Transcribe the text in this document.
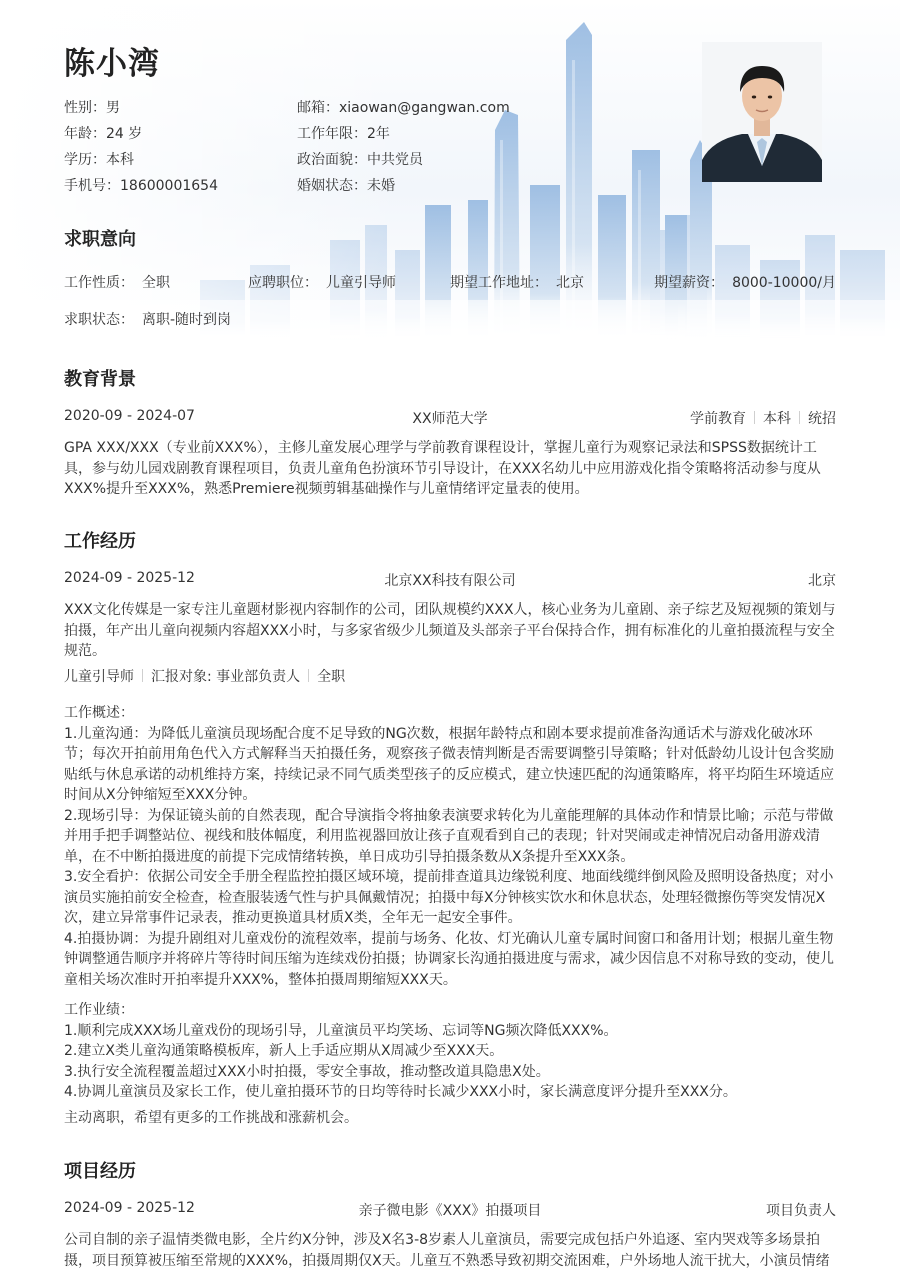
陈小湾
性别：男	邮箱：xiaowan@gangwan.com
年龄：24 岁	工作年限：2年
学历：本科	政治面貌：中共党员
手机号：18600001654	婚姻状态：未婚
求职意向
工作性质： 全职	应聘职位： 儿童引导师	期望工作地址： 北京	期望薪资： 8000-10000/月
求职状态： 离职-随时到岗
教育背景
2020-09 - 2024-07	XX师范大学	学前教育 本科 统招
GPA XXX/XXX（专业前XXX%），主修儿童发展心理学与学前教育课程设计，掌握儿童行为观察记录法和SPSS数据统计工具，参与幼儿园戏剧教育课程项目，负责儿童角色扮演环节引导设计，在XXX名幼儿中应用游戏化指令策略将活动参与度从XXX%提升至XXX%，熟悉Premiere视频剪辑基础操作与儿童情绪评定量表的使用。
工作经历
2024-09 - 2025-12	北京XX科技有限公司	北京
XXX文化传媒是一家专注儿童题材影视内容制作的公司，团队规模约XXX人，核心业务为儿童剧、亲子综艺及短视频的策划与拍摄，年产出儿童向视频内容超XXX小时，与多家省级少儿频道及头部亲子平台保持合作，拥有标准化的儿童拍摄流程与安全规范。
儿童引导师 汇报对象: 事业部负责人 全职
工作概述：
1.儿童沟通：为降低儿童演员现场配合度不足导致的NG次数，根据年龄特点和剧本要求提前准备沟通话术与游戏化破冰环节；每次开拍前用角色代入方式解释当天拍摄任务，观察孩子微表情判断是否需要调整引导策略；针对低龄幼儿设计包含奖励贴纸与休息承诺的动机维持方案，持续记录不同气质类型孩子的反应模式，建立快速匹配的沟通策略库，将平均陌生环境适应时间从X分钟缩短至XXX分钟。
2.现场引导：为保证镜头前的自然表现，配合导演指令将抽象表演要求转化为儿童能理解的具体动作和情景比喻；示范与带做并用手把手调整站位、视线和肢体幅度，利用监视器回放让孩子直观看到自己的表现；针对哭闹或走神情况启动备用游戏清单，在不中断拍摄进度的前提下完成情绪转换，单日成功引导拍摄条数从X条提升至XXX条。
3.安全看护：依据公司安全手册全程监控拍摄区域环境，提前排查道具边缘锐利度、地面线缆绊倒风险及照明设备热度；对小演员实施拍前安全检查，检查服装透气性与护具佩戴情况；拍摄中每X分钟核实饮水和休息状态，处理轻微擦伤等突发情况X次，建立异常事件记录表，推动更换道具材质X类，全年无一起安全事件。
4.拍摄协调：为提升剧组对儿童戏份的流程效率，提前与场务、化妆、灯光确认儿童专属时间窗口和备用计划；根据儿童生物钟调整通告顺序并将碎片等待时间压缩为连续戏份拍摄；协调家长沟通拍摄进度与需求，减少因信息不对称导致的变动，使儿童相关场次准时开拍率提升XXX%，整体拍摄周期缩短XXX天。
工作业绩：
1.顺利完成XXX场儿童戏份的现场引导，儿童演员平均笑场、忘词等NG频次降低XXX%。
2.建立X类儿童沟通策略模板库，新人上手适应期从X周减少至XXX天。
3.执行安全流程覆盖超过XXX小时拍摄，零安全事故，推动整改道具隐患X处。
4.协调儿童演员及家长工作，使儿童拍摄环节的日均等待时长减少XXX小时，家长满意度评分提升至XXX分。
主动离职，希望有更多的工作挑战和涨薪机会。
项目经历
2024-09 - 2025-12	亲子微电影《XXX》拍摄项目	项目负责人
公司自制的亲子温情类微电影，全片约X分钟，涉及X名3-8岁素人儿童演员，需要完成包括户外追逐、室内哭戏等多场景拍摄，项目预算被压缩至常规的XXX%，拍摄周期仅X天。儿童互不熟悉导致初期交流困难，户外场地人流干扰大，小演员情绪
